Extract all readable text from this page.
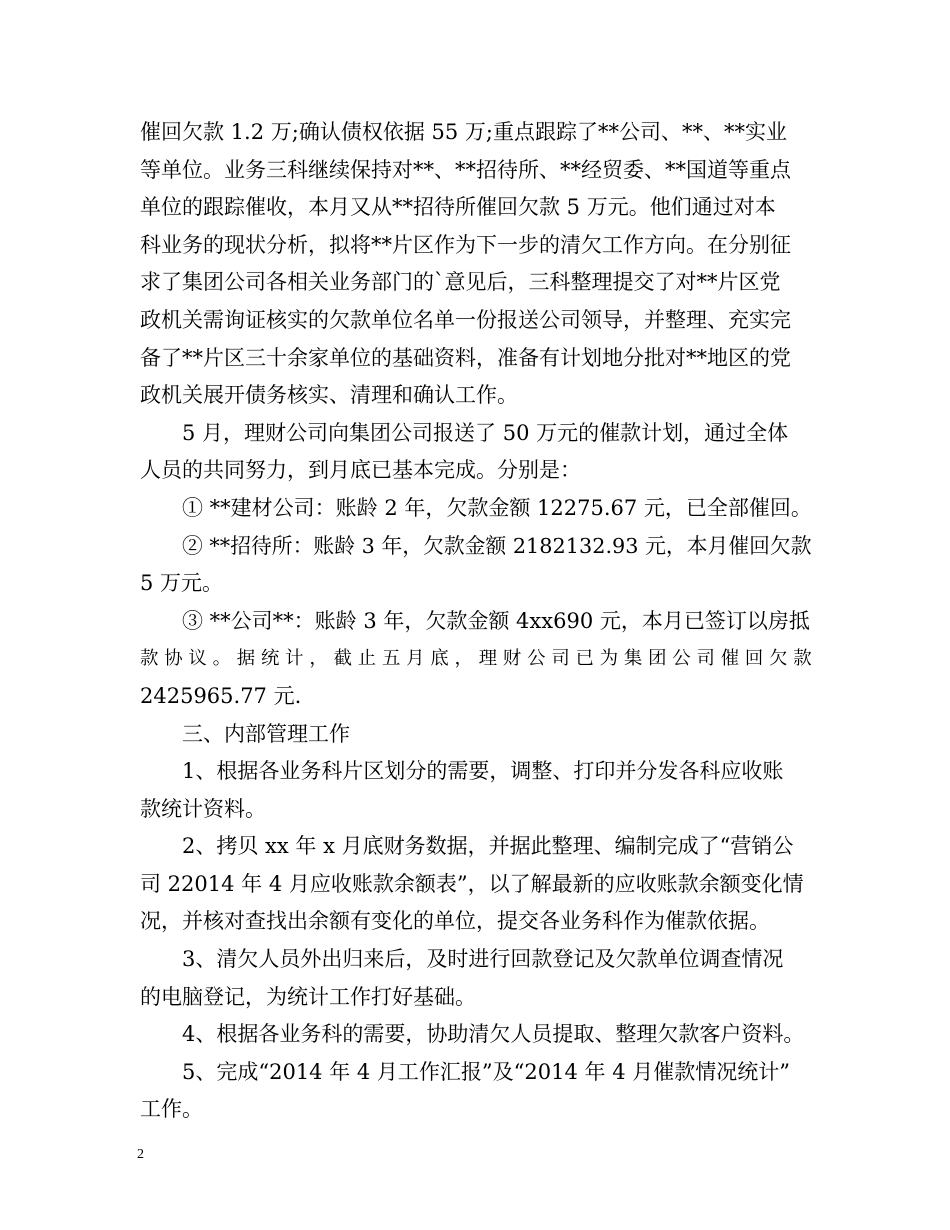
催回欠款 1.2 万;确认债权依据 55 万;重点跟踪了**公司、**、**实业
等单位。业务三科继续保持对**、**招待所、**经贸委、**国道等重点
单位的跟踪催收，本月又从**招待所催回欠款 5 万元。他们通过对本
科业务的现状分析，拟将**片区作为下一步的清欠工作方向。在分别征
求了集团公司各相关业务部门的`意见后，三科整理提交了对**片区党
政机关需询证核实的欠款单位名单一份报送公司领导，并整理、充实完
备了**片区三十余家单位的基础资料，准备有计划地分批对**地区的党
政机关展开债务核实、清理和确认工作。
5 月，理财公司向集团公司报送了 50 万元的催款计划，通过全体
人员的共同努力，到月底已基本完成。分别是：
① **建材公司：账龄 2 年，欠款金额 12275.67 元，已全部催回。
② **招待所：账龄 3 年，欠款金额 2182132.93 元，本月催回欠款
5 万元。
③ **公司**：账龄 3 年，欠款金额 4xx690 元，本月已签订以房抵
款 协 议 。 据 统 计 ， 截 止 五 月 底 ， 理 财 公 司 已 为 集 团 公 司 催 回 欠 款
2425965.77 元.
三、内部管理工作
1、根据各业务科片区划分的需要，调整、打印并分发各科应收账
款统计资料。
2、拷贝 xx 年 x 月底财务数据，并据此整理、编制完成了“营销公
司 22014 年 4 月应收账款余额表”，以了解最新的应收账款余额变化情
况，并核对查找出余额有变化的单位，提交各业务科作为催款依据。
3、清欠人员外出归来后，及时进行回款登记及欠款单位调查情况
的电脑登记，为统计工作打好基础。
4、根据各业务科的需要，协助清欠人员提取、整理欠款客户资料。
5、完成“2014 年 4 月工作汇报”及“2014 年 4 月催款情况统计”
工作。
2
